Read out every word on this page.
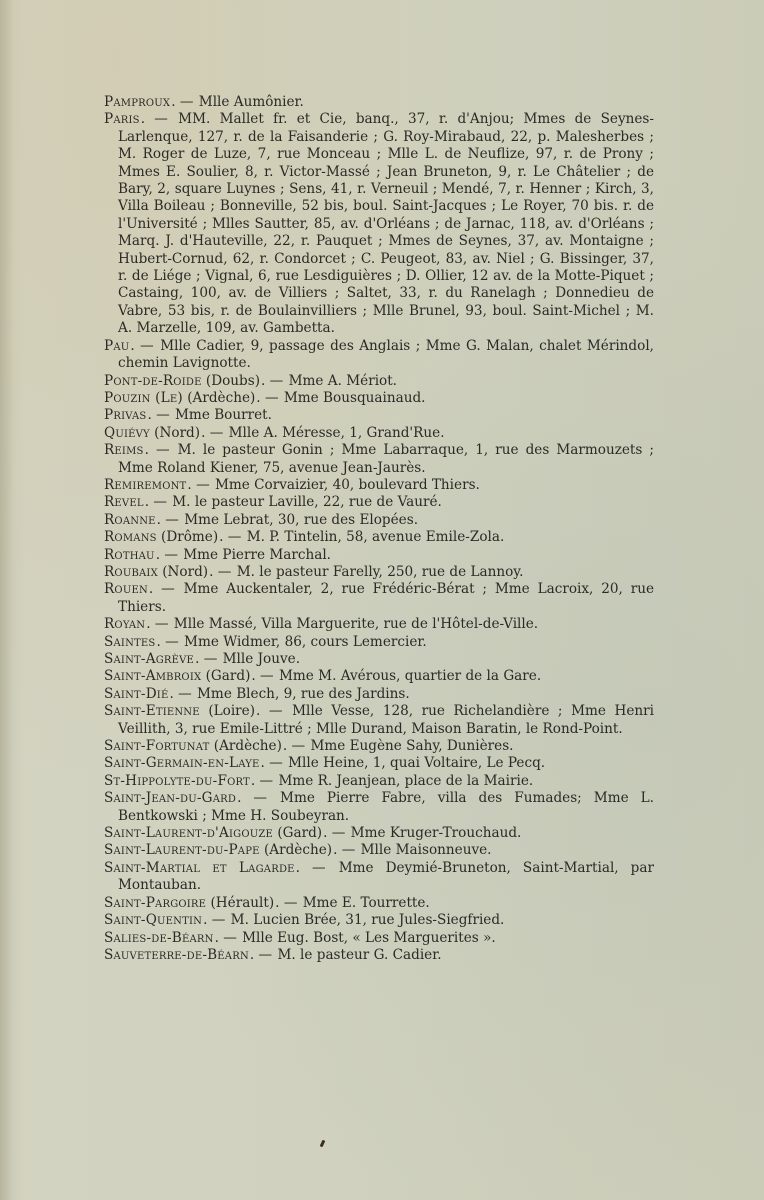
Pamproux. — Mlle Aumônier.

Paris. — MM. Mallet fr. et Cie, banq., 37, r. d'Anjou; Mmes de Seynes-Larlenque, 127, r. de la Faisanderie ; G. Roy-Mirabaud, 22, p. Malesherbes ; M. Roger de Luze, 7, rue Monceau ; Mlle L. de Neuflize, 97, r. de Prony ; Mmes E. Soulier, 8, r. Victor-Massé ; Jean Bruneton, 9, r. Le Châtelier ; de Bary, 2, square Luynes ; Sens, 41, r. Verneuil ; Mendé, 7, r. Henner ; Kirch, 3, Villa Boileau ; Bonneville, 52 bis, boul. Saint-Jacques ; Le Royer, 70 bis. r. de l'Université ; Mlles Sautter, 85, av. d'Orléans ; de Jarnac, 118, av. d'Orléans ; Marq. J. d'Hauteville, 22, r. Pauquet ; Mmes de Seynes, 37, av. Montaigne ; Hubert-Cornud, 62, r. Condorcet ; C. Peugeot, 83, av. Niel ; G. Bissinger, 37, r. de Liége ; Vignal, 6, rue Lesdiguières ; D. Ollier, 12 av. de la Motte-Piquet ; Castaing, 100, av. de Villiers ; Saltet, 33, r. du Ranelagh ; Donnedieu de Vabre, 53 bis, r. de Boulainvilliers ; Mlle Brunel, 93, boul. Saint-Michel ; M. A. Marzelle, 109, av. Gambetta.

Pau. — Mlle Cadier, 9, passage des Anglais ; Mme G. Malan, chalet Mérindol, chemin Lavignotte.

Pont-de-Roide (Doubs). — Mme A. Mériot.

Pouzin (Le) (Ardèche). — Mme Bousquainaud.

Privas. — Mme Bourret.

Quiévy (Nord). — Mlle A. Méresse, 1, Grand'Rue.

Reims. — M. le pasteur Gonin ; Mme Labarraque, 1, rue des Marmouzets ; Mme Roland Kiener, 75, avenue Jean-Jaurès.

Remiremont. — Mme Corvaizier, 40, boulevard Thiers.

Revel. — M. le pasteur Laville, 22, rue de Vauré.

Roanne. — Mme Lebrat, 30, rue des Elopées.

Romans (Drôme). — M. P. Tintelin, 58, avenue Emile-Zola.

Rothau. — Mme Pierre Marchal.

Roubaix (Nord). — M. le pasteur Farelly, 250, rue de Lannoy.

Rouen. — Mme Auckentaler, 2, rue Frédéric-Bérat ; Mme Lacroix, 20, rue Thiers.

Royan. — Mlle Massé, Villa Marguerite, rue de l'Hôtel-de-Ville.

Saintes. — Mme Widmer, 86, cours Lemercier.

Saint-Agrève. — Mlle Jouve.

Saint-Ambroix (Gard). — Mme M. Avérous, quartier de la Gare.

Saint-Dié. — Mme Blech, 9, rue des Jardins.

Saint-Etienne (Loire). — Mlle Vesse, 128, rue Richelandière ; Mme Henri Veillith, 3, rue Emile-Littré ; Mlle Durand, Maison Baratin, le Rond-Point.

Saint-Fortunat (Ardèche). — Mme Eugène Sahy, Dunières.

Saint-Germain-en-Laye. — Mlle Heine, 1, quai Voltaire, Le Pecq.

St-Hippolyte-du-Fort. — Mme R. Jeanjean, place de la Mairie.

Saint-Jean-du-Gard. — Mme Pierre Fabre, villa des Fumades; Mme L. Bentkowski ; Mme H. Soubeyran.

Saint-Laurent-d'Aigouze (Gard). — Mme Kruger-Trouchaud.

Saint-Laurent-du-Pape (Ardèche). — Mlle Maisonneuve.

Saint-Martial et Lagarde. — Mme Deymié-Bruneton, Saint-Martial, par Montauban.

Saint-Pargoire (Hérault). — Mme E. Tourrette.

Saint-Quentin. — M. Lucien Brée, 31, rue Jules-Siegfried.

Salies-de-Béarn. — Mlle Eug. Bost, « Les Marguerites ».

Sauveterre-de-Béarn. — M. le pasteur G. Cadier.
